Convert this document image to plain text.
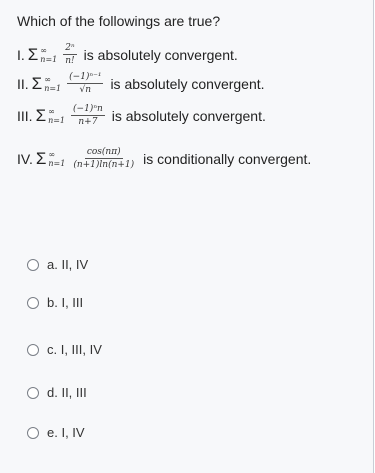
Which of the followings are true?

I. Σ ∞
$n=1 \frac{\text{2ⁿ}}{n!}$ is absolutely convergent.
II. Σ ∞
$n=1 \frac{\text{(−1)ⁿ⁻¹}}{√n}$ is absolutely convergent.
III. Σ ∞
$n=1 \frac{\text{(−1)ⁿn}}{n+7}$ is absolutely convergent.
IV. Σ ∞
$n=1 \frac{\cos(n\pi)}{(n+1)\ln(n+1)}$ is conditionally convergent.
a. II, IV
b. I, III
c. I, III, IV
d. II, III
e. I, IV
